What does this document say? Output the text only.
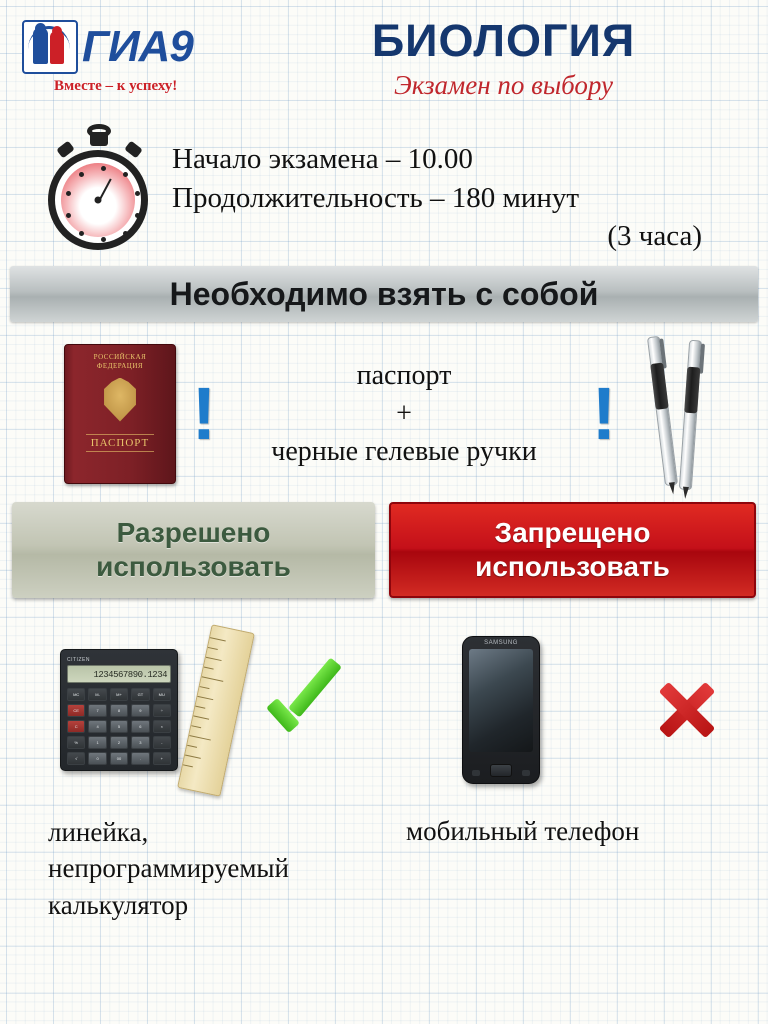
ГИА9
Вместе – к успеху!
БИОЛОГИЯ
Экзамен по выбору
Начало экзамена – 10.00
Продолжительность – 180 минут
(3 часа)
Необходимо взять с собой
РОССИЙСКАЯ
ФЕДЕРАЦИЯ
ПАСПОРТ !	паспорт
+
черные гелевые ручки !
Разрешено
использовать
Запрещено
использовать
CITIZEN
1234567890.1234
MC	M-	M+	GT	MU
CE	7	8	9	÷
C	4	5	6	×
%	1	2	3	-
√	0	00	.	+
SAMSUNG
линейка,
непрограммируемый
калькулятор
мобильный телефон
